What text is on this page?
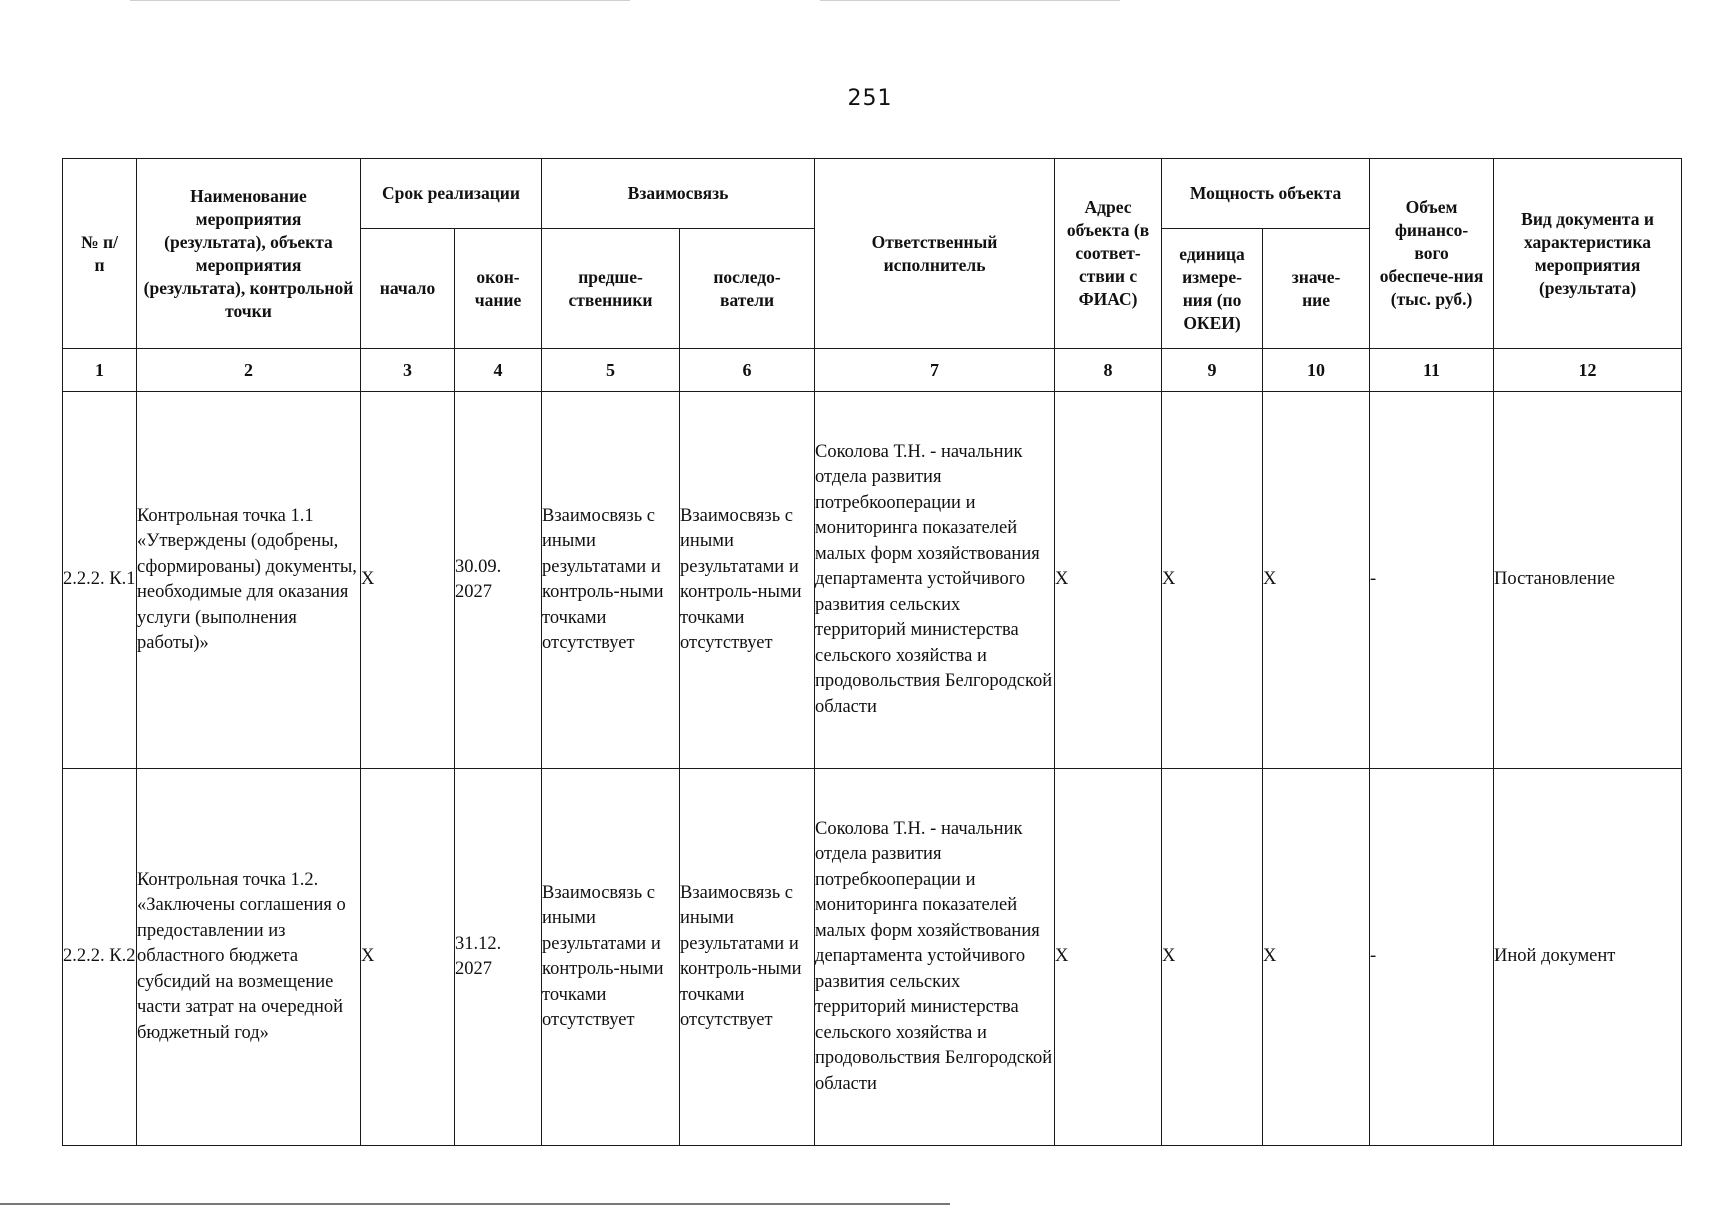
251
№ п/п	Наименование мероприятия (результата), объекта мероприятия (результата), контрольной точки	Срок реализации		Взаимосвязь		Ответственный исполнитель	Адрес объекта (в соответ-ствии с ФИАС)	Мощность объекта		Объем финансо-вого обеспече-ния (тыс. руб.)	Вид документа и характеристика мероприятия (результата)
		начало	окон-чание	предше-ственники	последо-ватели			единица измере-ния (по ОКЕИ)	значе-ние		
1	2	3	4	5	6	7	8	9	10	11	12
2.2.2. К.1	Контрольная точка 1.1 «Утверждены (одобрены, сформированы) документы, необходимые для оказания услуги (выполнения работы)»	X	30.09. 2027	Взаимосвязь с иными результатами и контроль-ными точками отсутствует	Взаимосвязь с иными результатами и контроль-ными точками отсутствует	Соколова Т.Н. - начальник отдела развития потребкооперации и мониторинга показателей малых форм хозяйствования департамента устойчивого развития сельских территорий министерства сельского хозяйства и продовольствия Белгородской области	X	X	X	-	Постановление
2.2.2. К.2	Контрольная точка 1.2. «Заключены соглашения о предоставлении из областного бюджета субсидий на возмещение части затрат на очередной бюджетный год»	X	31.12. 2027	Взаимосвязь с иными результатами и контроль-ными точками отсутствует	Взаимосвязь с иными результатами и контроль-ными точками отсутствует	Соколова Т.Н. - начальник отдела развития потребкооперации и мониторинга показателей малых форм хозяйствования департамента устойчивого развития сельских территорий министерства сельского хозяйства и продовольствия Белгородской области	X	X	X	-	Иной документ
